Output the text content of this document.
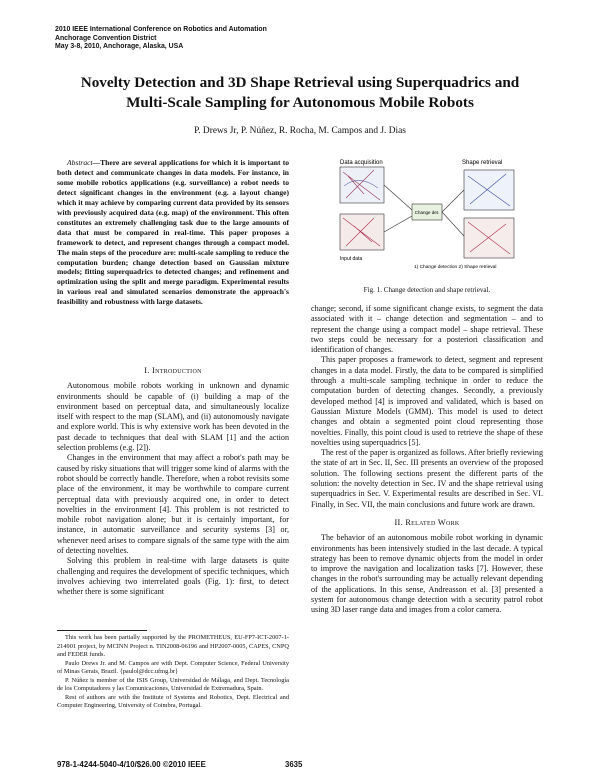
2010 IEEE International Conference on Robotics and Automation
Anchorage Convention District
May 3-8, 2010, Anchorage, Alaska, USA
Novelty Detection and 3D Shape Retrieval using Superquadrics and
Multi-Scale Sampling for Autonomous Mobile Robots
P. Drews Jr, P. Núñez, R. Rocha, M. Campos and J. Dias

Abstract—There are several applications for which it is important to both detect and communicate changes in data models. For instance, in some mobile robotics applications (e.g. surveillance) a robot needs to detect significant changes in the environment (e.g. a layout change) which it may achieve by comparing current data provided by its sensors with previously acquired data (e.g. map) of the environment. This often constitutes an extremely challenging task due to the large amounts of data that must be compared in real-time. This paper proposes a framework to detect, and represent changes through a compact model. The main steps of the procedure are: multi-scale sampling to reduce the computation burden; change detection based on Gaussian mixture models; fitting superquadrics to detected changes; and refinement and optimization using the split and merge paradigm. Experimental results in various real and simulated scenarios demonstrate the approach's feasibility and robustness with large datasets.

I. Introduction

Autonomous mobile robots working in unknown and dynamic environments should be capable of (i) building a map of the environment based on perceptual data, and simultaneously localize itself with respect to the map (SLAM), and (ii) autonomously navigate and explore world. This is why extensive work has been devoted in the past decade to techniques that deal with SLAM [1] and the action selection problems (e.g. [2]).

Changes in the environment that may affect a robot's path may be caused by risky situations that will trigger some kind of alarms with the robot should be correctly handle. Therefore, when a robot revisits some place of the environment, it may be worthwhile to compare current perceptual data with previously acquired one, in order to detect novelties in the environment [4]. This problem is not restricted to mobile robot navigation alone; but it is certainly important, for instance, in automatic surveillance and security systems [3] or, whenever need arises to compare signals of the same type with the aim of detecting novelties.

Solving this problem in real-time with large datasets is quite challenging and requires the development of specific techniques, which involves achieving two interrelated goals (Fig. 1): first, to detect whether there is some significant

This work has been partially supported by the PROMETHEUS, EU-FP7-ICT-2007-1-214901 project, by MCINN Project n. TIN2008-06196 and HP2007-0005, CAPES, CNPQ and FEDER funds.
Paulo Drews Jr. and M. Campos are with Dept. Computer Science, Federal University of Minas Gerais, Brazil. {paulol@dcc.ufmg.br}
P. Núñez is member of the ISIS Group, Universidad de Málaga, and Dept. Tecnología de los Computadores y las Comunicaciones, Universidad de Extremadura, Spain.
Rest of authors are with the Institute of Systems and Robotics, Dept. Electrical and Computer Engineering, University of Coimbra, Portugal.
Data acquisition
Input data
Change det.
Shape retrieval
1) Change detection 2) Shape retrieval
Fig. 1. Change detection and shape retrieval.

change; second, if some significant change exists, to segment the data associated with it – change detection and segmentation – and to represent the change using a compact model – shape retrieval. These two steps could be necessary for a posteriori classification and identification of changes.

This paper proposes a framework to detect, segment and represent changes in a data model. Firstly, the data to be compared is simplified through a multi-scale sampling technique in order to reduce the computation burden of detecting changes. Secondly, a previously developed method [4] is improved and validated, which is based on Gaussian Mixture Models (GMM). This model is used to detect changes and obtain a segmented point cloud representing those novelties. Finally, this point cloud is used to retrieve the shape of these novelties using superquadrics [5].

The rest of the paper is organized as follows. After briefly reviewing the state of art in Sec. II, Sec. III presents an overview of the proposed solution. The following sections present the different parts of the solution: the novelty detection in Sec. IV and the shape retrieval using superquadrics in Sec. V. Experimental results are described in Sec. VI. Finally, in Sec. VII, the main conclusions and future work are drawn.

II. Related Work

The behavior of an autonomous mobile robot working in dynamic environments has been intensively studied in the last decade. A typical strategy has been to remove dynamic objects from the model in order to improve the navigation and localization tasks [7]. However, these changes in the robot's surrounding may be actually relevant depending of the applications. In this sense, Andreasson et al. [3] presented a system for autonomous change detection with a security patrol robot using 3D laser range data and images from a color camera.

978-1-4244-5040-4/10/$26.00 ©2010 IEEE	3635
